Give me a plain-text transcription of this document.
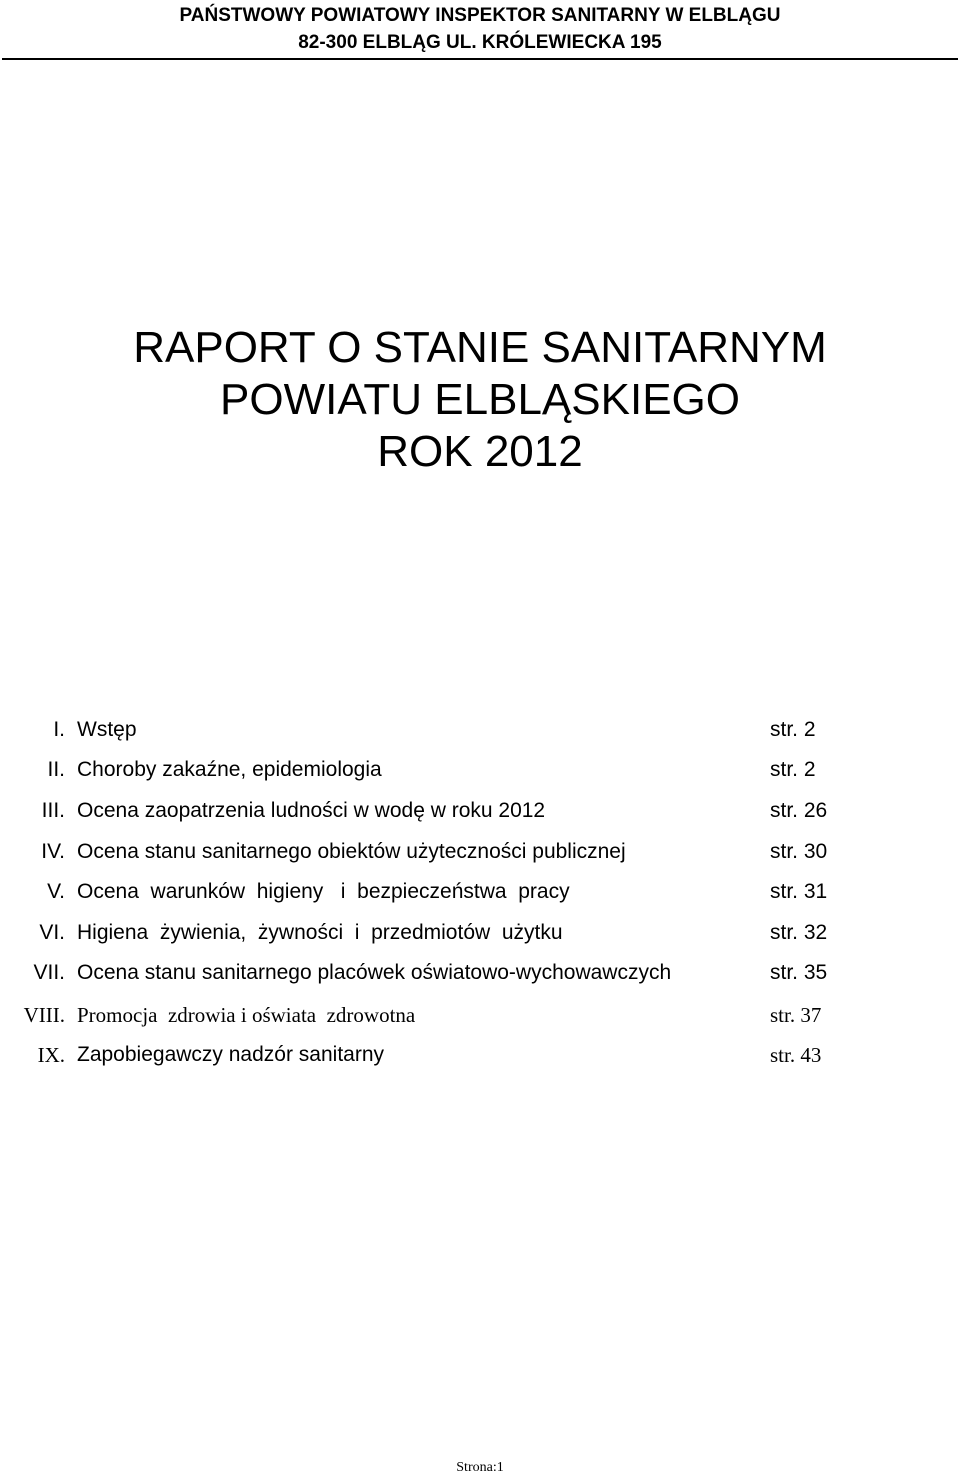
PAŃSTWOWY POWIATOWY INSPEKTOR SANITARNY W ELBLĄGU
82-300 ELBLĄG UL. KRÓLEWIECKA 195
RAPORT O STANIE SANITARNYM
POWIATU ELBLĄSKIEGO
ROK 2012
I. Wstęp	str. 2
II. Choroby zakaźne, epidemiologia	str. 2
III. Ocena zaopatrzenia ludności w wodę w roku 2012	str. 26
IV. Ocena stanu sanitarnego obiektów użyteczności publicznej	str. 30
V. Ocena  warunków  higieny   i  bezpieczeństwa  pracy	str. 31
VI. Higiena  żywienia,  żywności  i  przedmiotów  użytku	str. 32
VII. Ocena stanu sanitarnego placówek oświatowo-wychowawczych	str. 35
VIII. Promocja  zdrowia i oświata  zdrowotna	str. 37
IX. Zapobiegawczy nadzór sanitarny	str. 43
Strona:1
